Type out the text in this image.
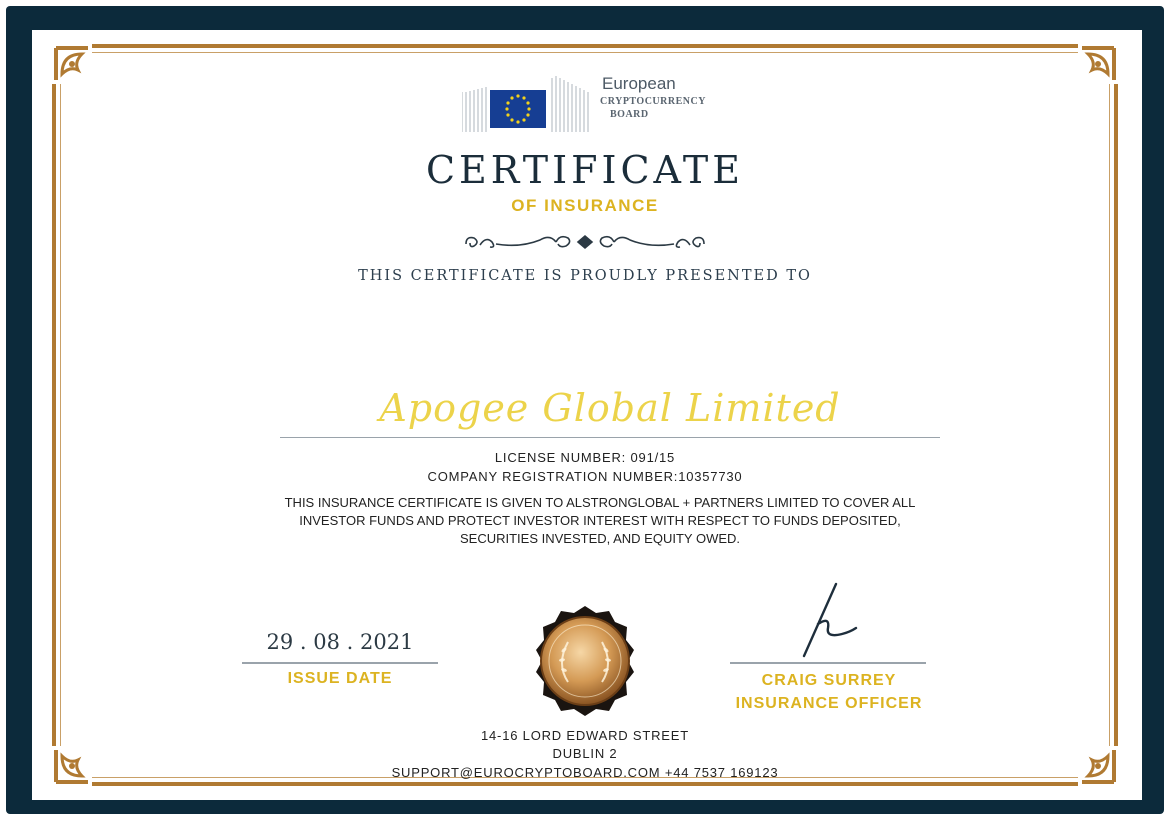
European
CRYPTOCURRENCY
BOARD
CERTIFICATE
OF INSURANCE
THIS CERTIFICATE IS PROUDLY PRESENTED TO
Apogee Global Limited
LICENSE NUMBER: 091/15
COMPANY REGISTRATION NUMBER:10357730
THIS INSURANCE CERTIFICATE IS GIVEN TO ALSTRONGLOBAL + PARTNERS LIMITED TO COVER ALL INVESTOR FUNDS AND PROTECT INVESTOR INTEREST WITH RESPECT TO FUNDS DEPOSITED, SECURITIES INVESTED, AND EQUITY OWED.
29 . 08 . 2021
ISSUE DATE	CRAIG SURREY
INSURANCE OFFICER
14-16 LORD EDWARD STREET
DUBLIN 2
SUPPORT@EUROCRYPTOBOARD.COM +44 7537 169123
